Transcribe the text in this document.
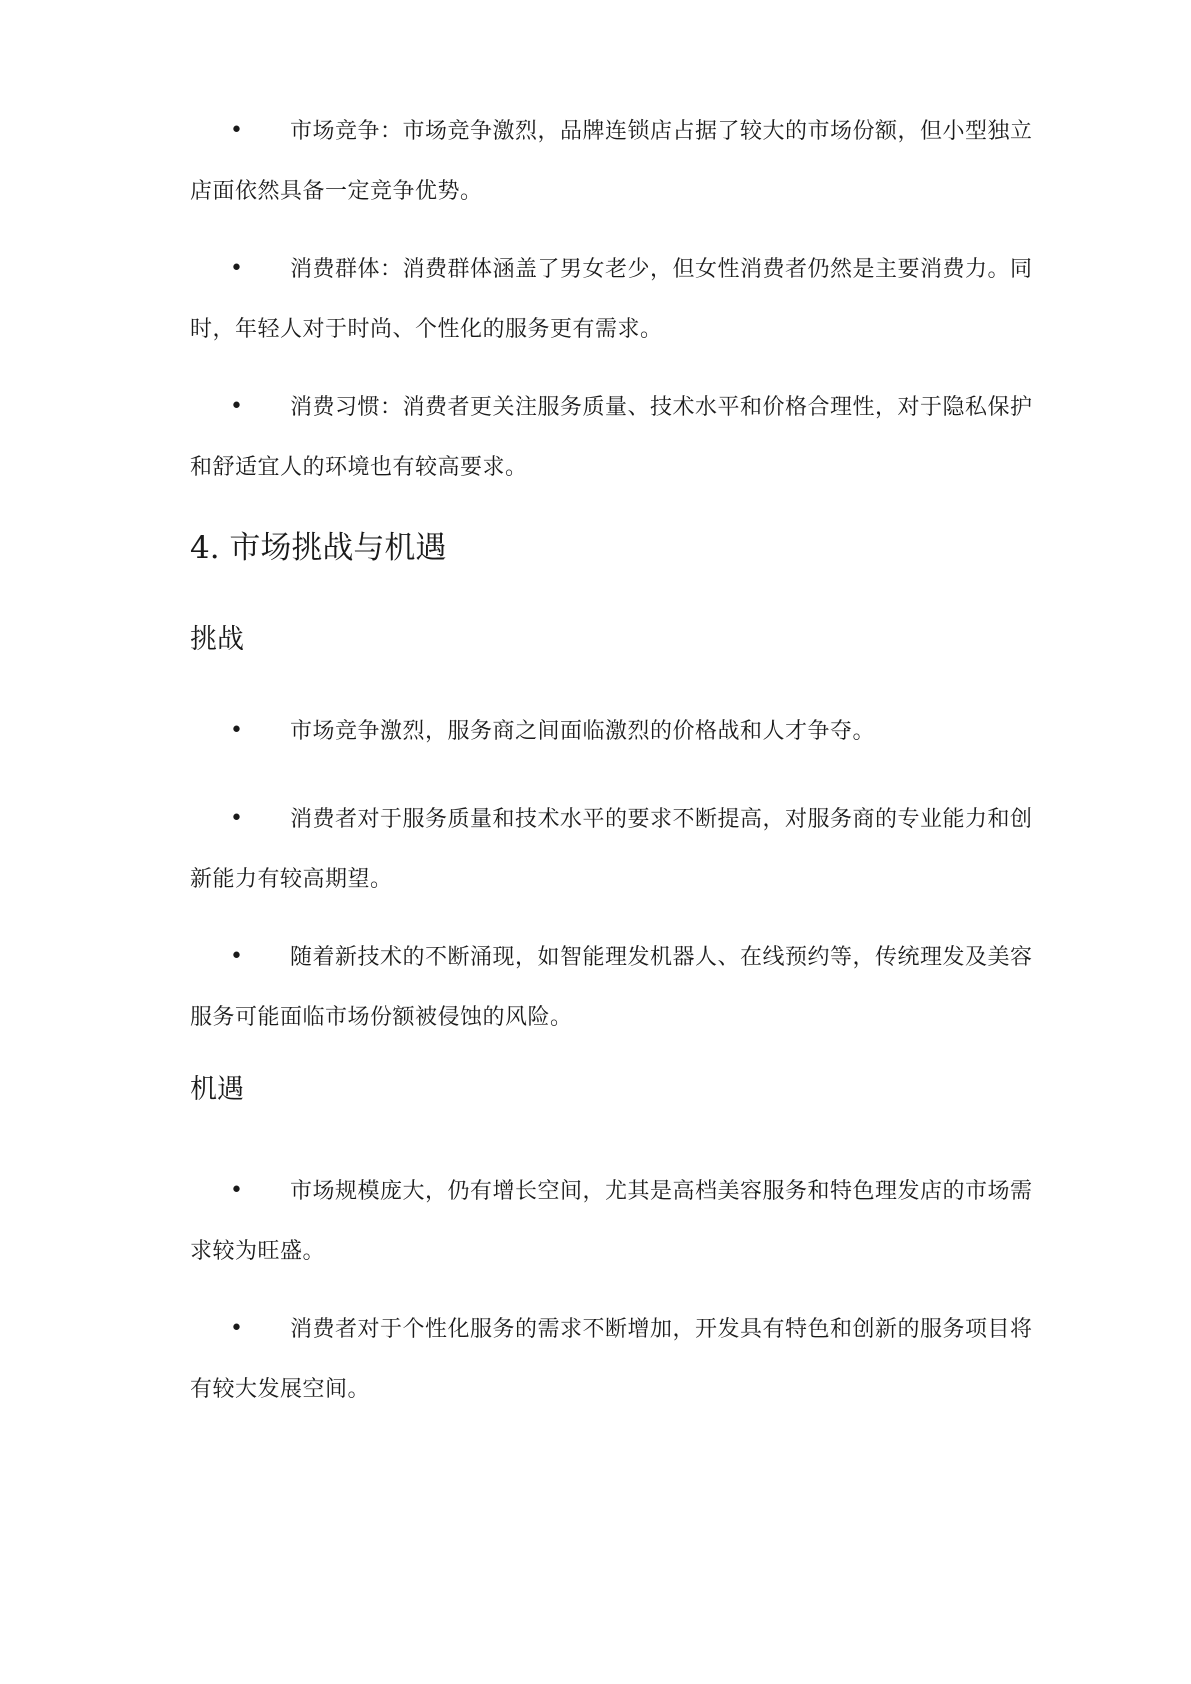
•	市场竞争：市场竞争激烈，品牌连锁店占据了较大的市场份额，但小型独立店面依然具备一定竞争优势。

•	消费群体：消费群体涵盖了男女老少，但女性消费者仍然是主要消费力。同时，年轻人对于时尚、个性化的服务更有需求。

•	消费习惯：消费者更关注服务质量、技术水平和价格合理性，对于隐私保护和舒适宜人的环境也有较高要求。

4. 市场挑战与机遇
挑战
•	市场竞争激烈，服务商之间面临激烈的价格战和人才争夺。

•	消费者对于服务质量和技术水平的要求不断提高，对服务商的专业能力和创新能力有较高期望。

•	随着新技术的不断涌现，如智能理发机器人、在线预约等，传统理发及美容服务可能面临市场份额被侵蚀的风险。

机遇
•	市场规模庞大，仍有增长空间，尤其是高档美容服务和特色理发店的市场需求较为旺盛。

•	消费者对于个性化服务的需求不断增加，开发具有特色和创新的服务项目将有较大发展空间。
